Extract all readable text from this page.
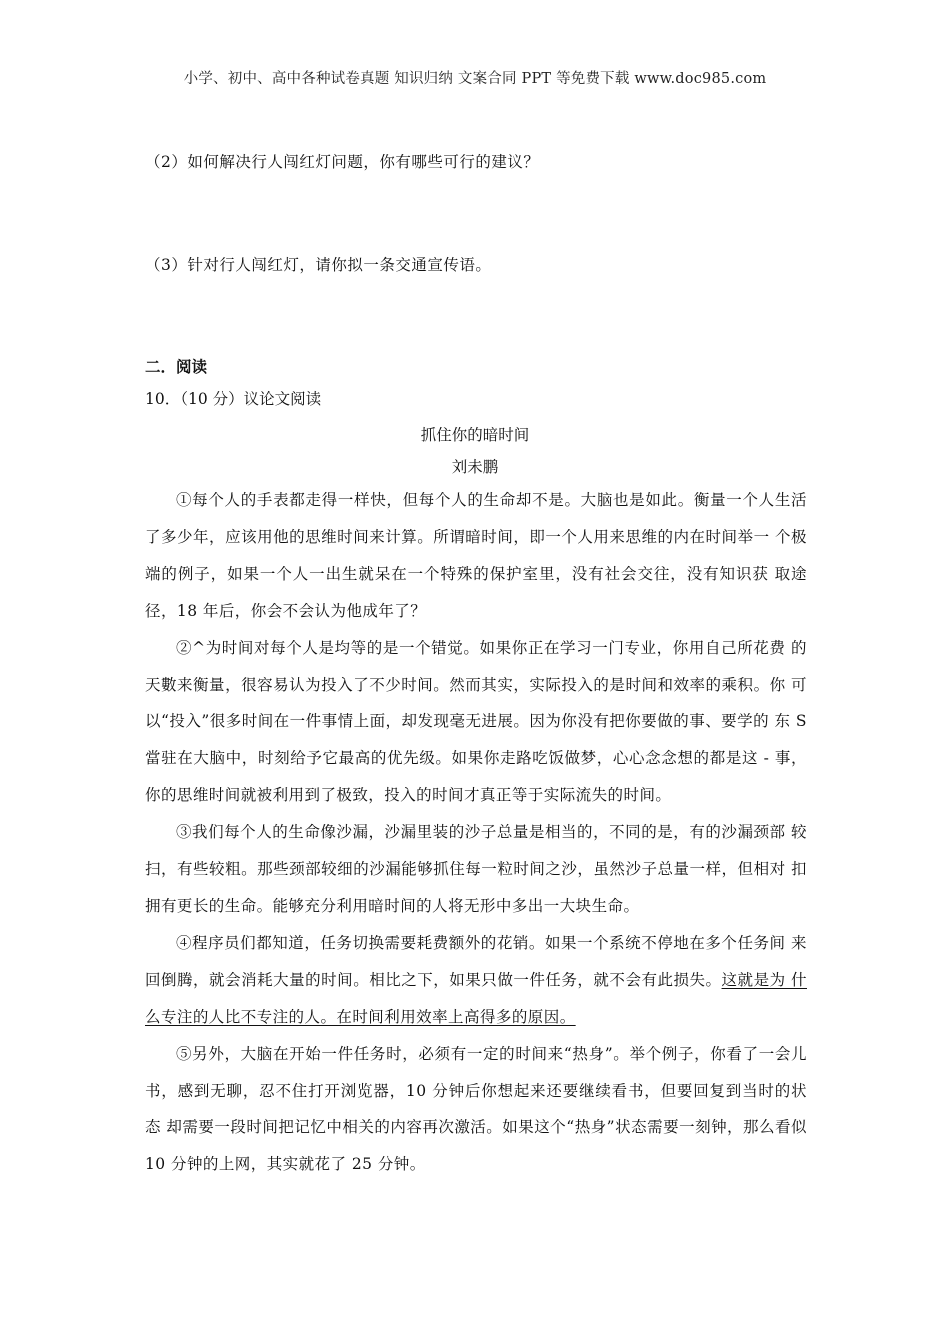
小学、初中、高中各种试卷真题 知识归纳 文案合同 PPT 等免费下载 www.doc985.com
（2）如何解决行人闯红灯问题，你有哪些可行的建议？
（3）针对行人闯红灯，请你拟一条交通宣传语。
二．阅读
10．（10 分）议论文阅读
抓住你的暗时间
刘未鹏

①每个人的手表都走得一样快，但每个人的生命却不是。大脑也是如此。衡量一个人生活了多少年，应该用他的思维时间来计算。所谓暗时间，即一个人用来思维的内在时间举一 个极端的例子，如果一个人一出生就呆在一个特殊的保护室里，没有社会交往，没有知识获 取途径，18 年后，你会不会认为他成年了？

②^为时间对每个人是均等的是一个错觉。如果你正在学习一门专业，你用自己所花费 的天數来衡量，很容易认为投入了不少时间。然而其实，实际投入的是时间和效率的乘积。你 可以“投入”很多时间在一件事情上面，却发现毫无进展。因为你没有把你要做的事、要学的 东 S 當驻在大脑中，时刻给予它最高的优先级。如果你走路吃饭做梦，心心念念想的都是这 - 事，你的思维时间就被利用到了极致，投入的时间才真正等于实际流失的时间。

③我们每个人的生命像沙漏，沙漏里装的沙子总量是相当的，不同的是，有的沙漏颈部 较扫，有些较粗。那些颈部较细的沙漏能够抓住每一粒时间之沙，虽然沙子总量一样，但相对 扣拥有更长的生命。能够充分利用暗时间的人将无形中多出一大块生命。

④程序员们都知道，任务切换需要耗费额外的花销。如果一个系统不停地在多个任务间 来回倒腾，就会消耗大量的时间。相比之下，如果只做一件任务，就不会有此损失。这就是为 什么专注的人比不专注的人。在时间利用效率上高得多的原因。

⑤另外，大脑在开始一件任务时，必须有一定的时间来“热身”。举个例子，你看了一会儿 书，感到无聊，忍不住打开浏览器，10 分钟后你想起来还要继续看书，但要回复到当时的状态 却需要一段时间把记忆中相关的内容再次激活。如果这个“热身”状态需要一刻钟，那么看似 10 分钟的上网，其实就花了 25 分钟。
